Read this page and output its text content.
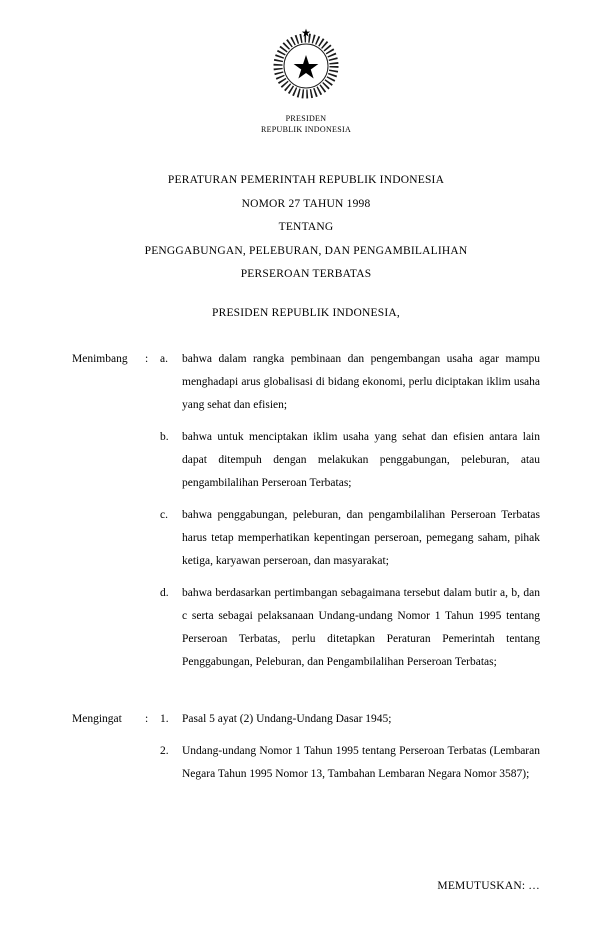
PRESIDEN
REPUBLIK INDONESIA
PERATURAN PEMERINTAH REPUBLIK INDONESIA
NOMOR 27 TAHUN 1998
TENTANG
PENGGABUNGAN, PELEBURAN, DAN PENGAMBILALIHAN
PERSEROAN TERBATAS
PRESIDEN REPUBLIK INDONESIA,
Menimbang	:	a.	bahwa dalam rangka pembinaan dan pengembangan usaha agar mampu menghadapi arus globalisasi di bidang ekonomi, perlu diciptakan iklim usaha yang sehat dan efisien;
b.	bahwa untuk menciptakan iklim usaha yang sehat dan efisien antara lain dapat ditempuh dengan melakukan penggabungan, peleburan, atau pengambilalihan Perseroan Terbatas;
c.	bahwa penggabungan, peleburan, dan pengambilalihan Perseroan Terbatas harus tetap memperhatikan kepentingan perseroan, pemegang saham, pihak ketiga, karyawan perseroan, dan masyarakat;
d.	bahwa berdasarkan pertimbangan sebagaimana tersebut dalam butir a, b, dan c serta sebagai pelaksanaan Undang-undang Nomor 1 Tahun 1995 tentang Perseroan Terbatas, perlu ditetapkan Peraturan Pemerintah tentang Penggabungan, Peleburan, dan Pengambilalihan Perseroan Terbatas;
Mengingat	:	1.	Pasal 5 ayat (2) Undang-Undang Dasar 1945;
2.	Undang-undang Nomor 1 Tahun 1995 tentang Perseroan Terbatas (Lembaran Negara Tahun 1995 Nomor 13, Tambahan Lembaran Negara Nomor 3587);
MEMUTUSKAN: …
